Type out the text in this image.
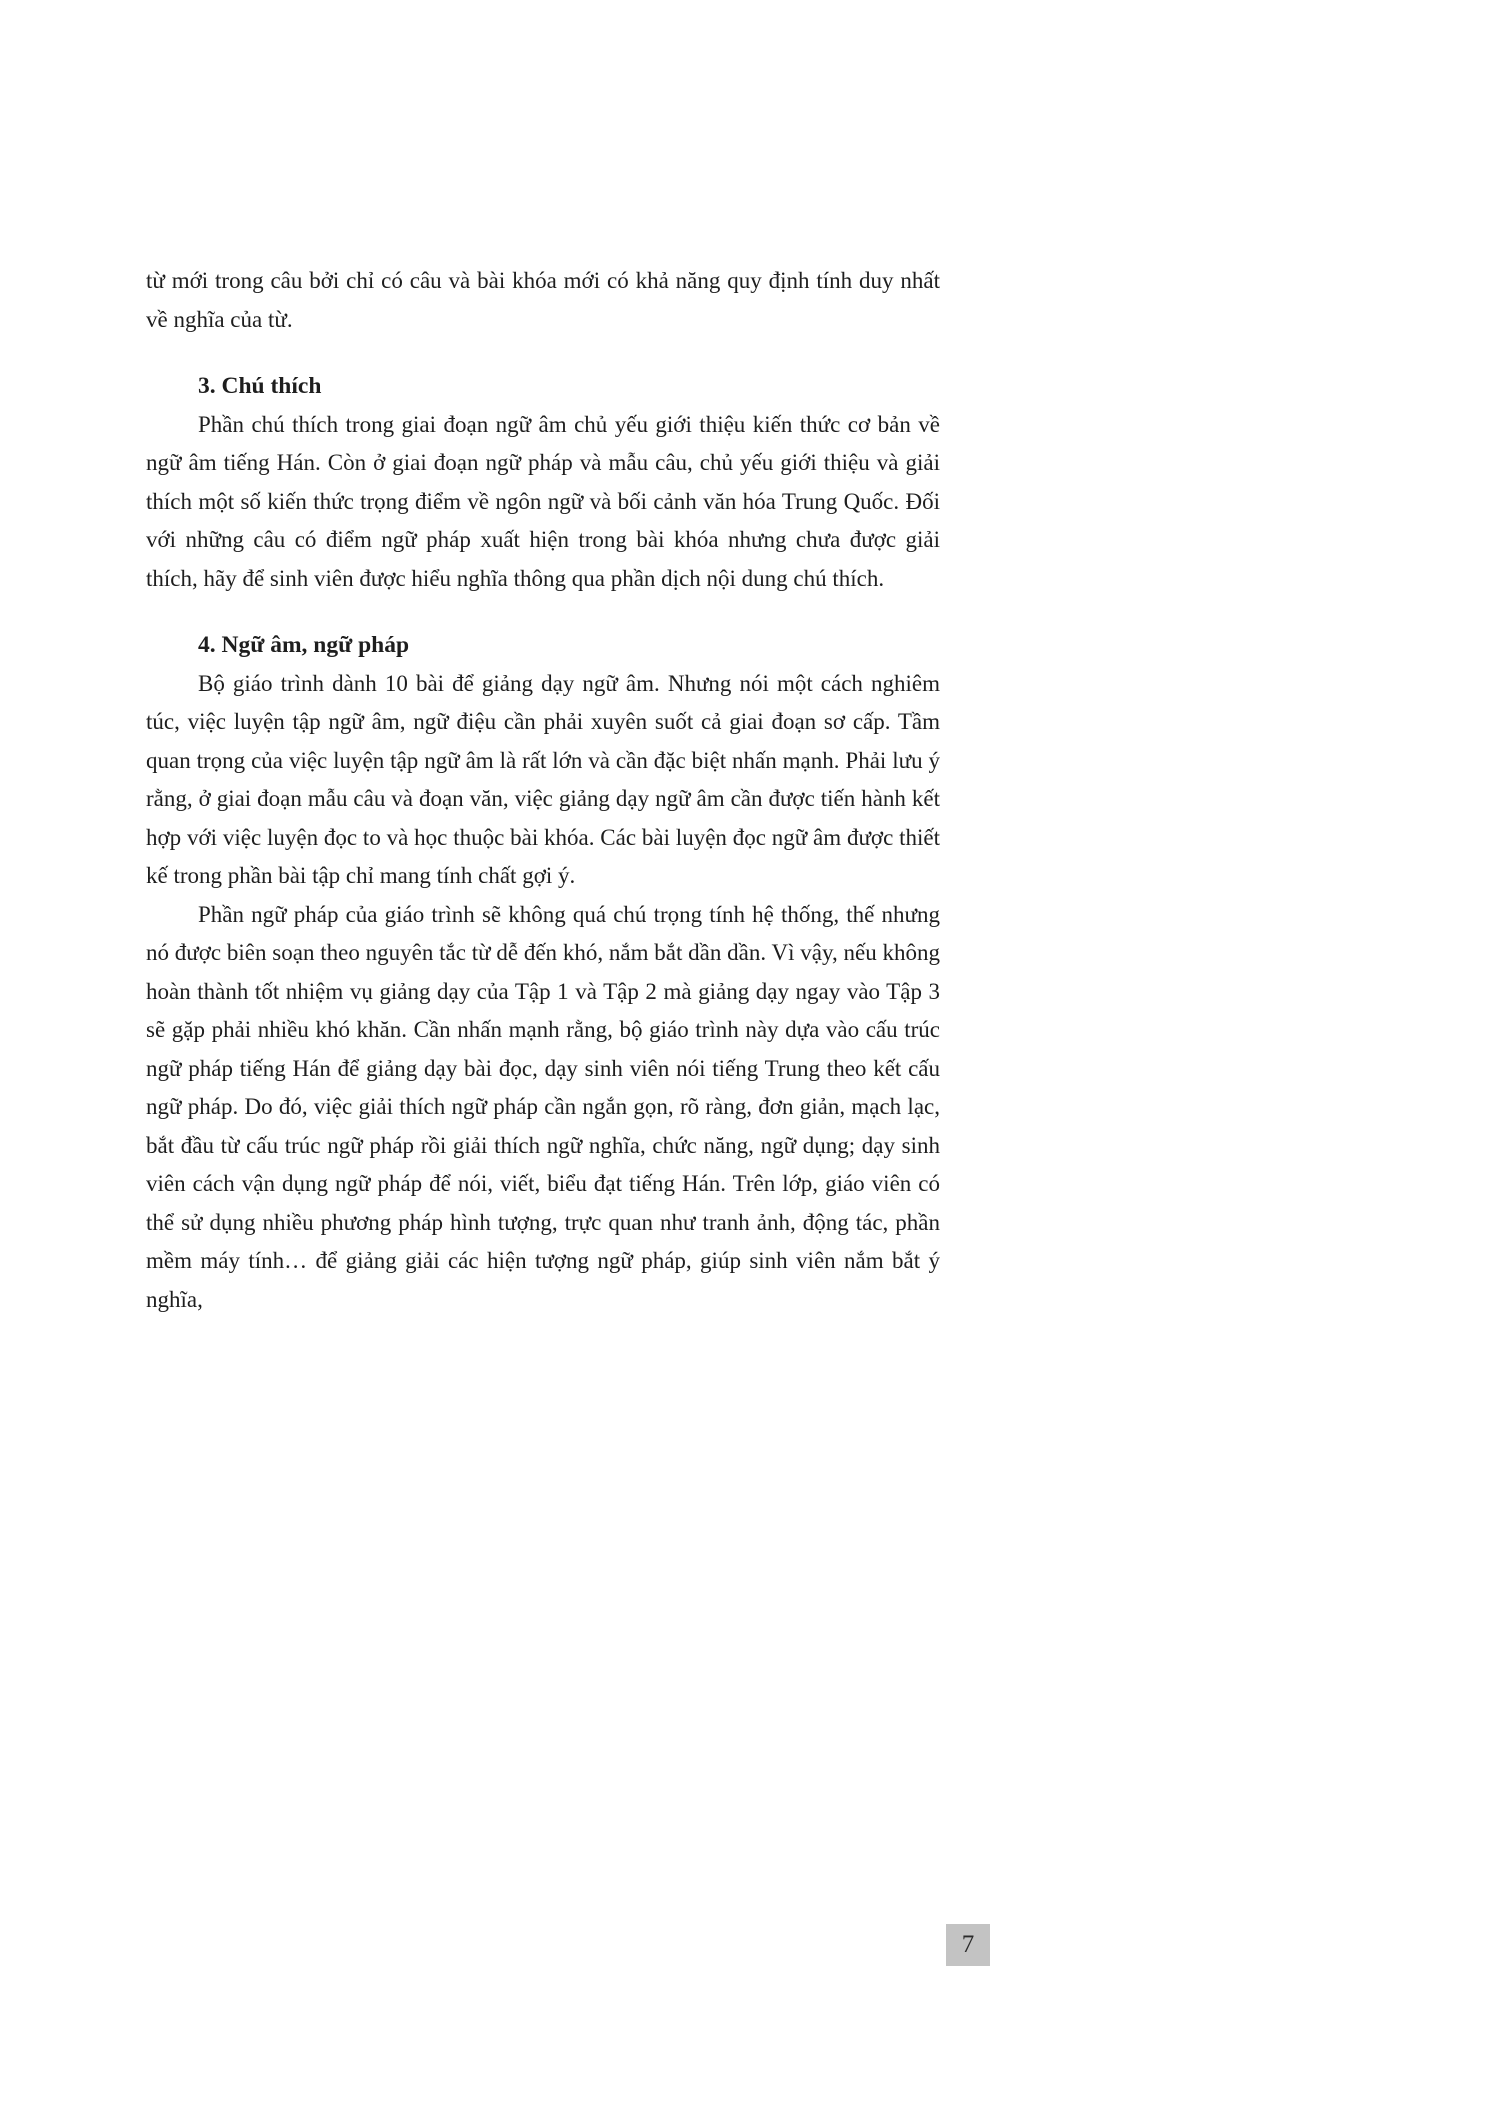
từ mới trong câu bởi chỉ có câu và bài khóa mới có khả năng quy định tính duy nhất về nghĩa của từ.

3. Chú thích

Phần chú thích trong giai đoạn ngữ âm chủ yếu giới thiệu kiến thức cơ bản về ngữ âm tiếng Hán. Còn ở giai đoạn ngữ pháp và mẫu câu, chủ yếu giới thiệu và giải thích một số kiến thức trọng điểm về ngôn ngữ và bối cảnh văn hóa Trung Quốc. Đối với những câu có điểm ngữ pháp xuất hiện trong bài khóa nhưng chưa được giải thích, hãy để sinh viên được hiểu nghĩa thông qua phần dịch nội dung chú thích.

4. Ngữ âm, ngữ pháp

Bộ giáo trình dành 10 bài để giảng dạy ngữ âm. Nhưng nói một cách nghiêm túc, việc luyện tập ngữ âm, ngữ điệu cần phải xuyên suốt cả giai đoạn sơ cấp. Tầm quan trọng của việc luyện tập ngữ âm là rất lớn và cần đặc biệt nhấn mạnh. Phải lưu ý rằng, ở giai đoạn mẫu câu và đoạn văn, việc giảng dạy ngữ âm cần được tiến hành kết hợp với việc luyện đọc to và học thuộc bài khóa. Các bài luyện đọc ngữ âm được thiết kế trong phần bài tập chỉ mang tính chất gợi ý.

Phần ngữ pháp của giáo trình sẽ không quá chú trọng tính hệ thống, thế nhưng nó được biên soạn theo nguyên tắc từ dễ đến khó, nắm bắt dần dần. Vì vậy, nếu không hoàn thành tốt nhiệm vụ giảng dạy của Tập 1 và Tập 2 mà giảng dạy ngay vào Tập 3 sẽ gặp phải nhiều khó khăn. Cần nhấn mạnh rằng, bộ giáo trình này dựa vào cấu trúc ngữ pháp tiếng Hán để giảng dạy bài đọc, dạy sinh viên nói tiếng Trung theo kết cấu ngữ pháp. Do đó, việc giải thích ngữ pháp cần ngắn gọn, rõ ràng, đơn giản, mạch lạc, bắt đầu từ cấu trúc ngữ pháp rồi giải thích ngữ nghĩa, chức năng, ngữ dụng; dạy sinh viên cách vận dụng ngữ pháp để nói, viết, biểu đạt tiếng Hán. Trên lớp, giáo viên có thể sử dụng nhiều phương pháp hình tượng, trực quan như tranh ảnh, động tác, phần mềm máy tính… để giảng giải các hiện tượng ngữ pháp, giúp sinh viên nắm bắt ý nghĩa,

7
